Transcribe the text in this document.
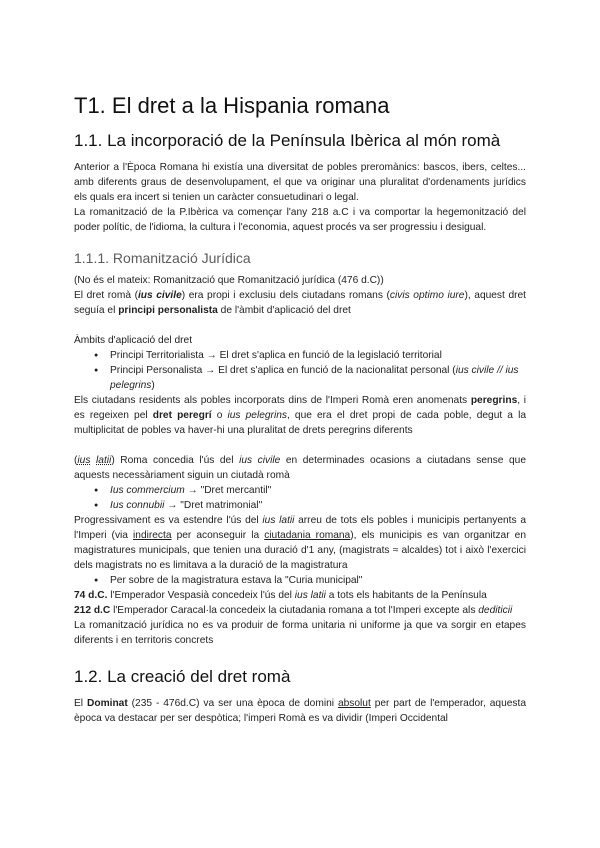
T1. El dret a la Hispania romana
1.1. La incorporació de la Península Ibèrica al món romà

Anterior a l'Època Romana hi existía una diversitat de pobles preromànics: bascos, ibers, celtes... amb diferents graus de desenvolupament, el que va originar una pluralitat d'ordenaments jurídics els quals era incert si tenien un caràcter consuetudinari o legal.

La romanització de la P.Ibèrica va començar l'any 218 a.C i va comportar la hegemonització del poder polític, de l'idioma, la cultura i l'economia, aquest procés va ser progressiu i desigual.

1.1.1. Romanització Jurídica

(No és el mateix: Romanització que Romanització jurídica (476 d.C))

El dret romà (ius civile) era propi i exclusiu dels ciutadans romans (civis optimo iure), aquest dret seguía el principi personalista de l'àmbit d'aplicació del dret

Àmbits d'aplicació del dret

● Principi Territorialista → El dret s'aplica en funció de la legislació territorial
● Principi Personalista → El dret s'aplica en funció de la nacionalitat personal (ius civile // ius pelegrins)

Els ciutadans residents als pobles incorporats dins de l'Imperi Romà eren anomenats peregrins, i es regeixen pel dret peregrí o ius pelegrins, que era el dret propi de cada poble, degut a la multiplicitat de pobles va haver-hi una pluralitat de drets peregrins diferents

(ius latii) Roma concedia l'ús del ius civile en determinades ocasions a ciutadans sense que aquests necessàriament siguin un ciutadà romà

● Ius commercium → "Dret mercantil"
● Ius connubii → "Dret matrimonial"

Progressivament es va estendre l'ús del ius latii arreu de tots els pobles i municipis pertanyents a l'Imperi (via indirecta per aconseguir la ciutadania romana), els municipis es van organitzar en magistratures municipals, que tenien una duració d'1 any, (magistrats ≈ alcaldes) tot i això l'exercici dels magistrats no es limitava a la duració de la magistratura

● Per sobre de la magistratura estava la "Curia municipal"

74 d.C. l'Emperador Vespasià concedeix l'ús del ius latii a tots els habitants de la Península

212 d.C l'Emperador Caracal·la concedeix la ciutadania romana a tot l'Imperi excepte als dediticii

La romanització jurídica no es va produir de forma unitaria ni uniforme ja que va sorgir en etapes diferents i en territoris concrets

1.2. La creació del dret romà

El Dominat (235 - 476d.C) va ser una època de domini absolut per part de l'emperador, aquesta època va destacar per ser despòtica; l'imperi Romà es va dividir (Imperi Occidental
